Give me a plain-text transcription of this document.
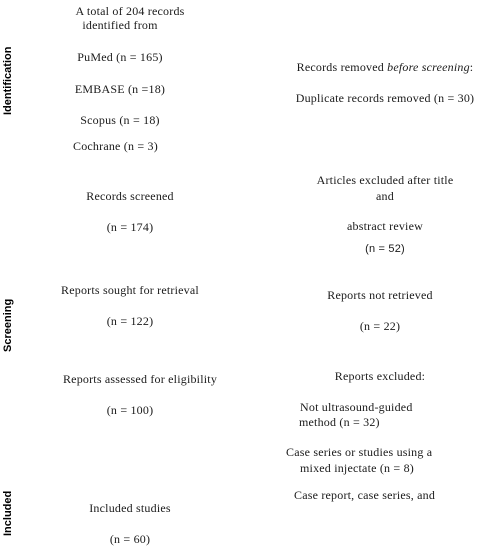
Identification
Screening
Included
A total of 204 records
identified from
PuMed (n = 165)
EMBASE (n =18)
Scopus (n = 18)
Cochrane (n = 3)
Records removed before screening:
Duplicate records removed (n = 30)
Records screened
(n = 174)
Articles excluded after title
and
abstract review
(n = 52)
Reports sought for retrieval
(n = 122)
Reports not retrieved
(n = 22)
Reports assessed for eligibility
(n = 100)
Reports excluded:
Not ultrasound-guided
method (n = 32)
Case series or studies using a
mixed injectate (n = 8)
Case report, case series, and
Included studies
(n = 60)
